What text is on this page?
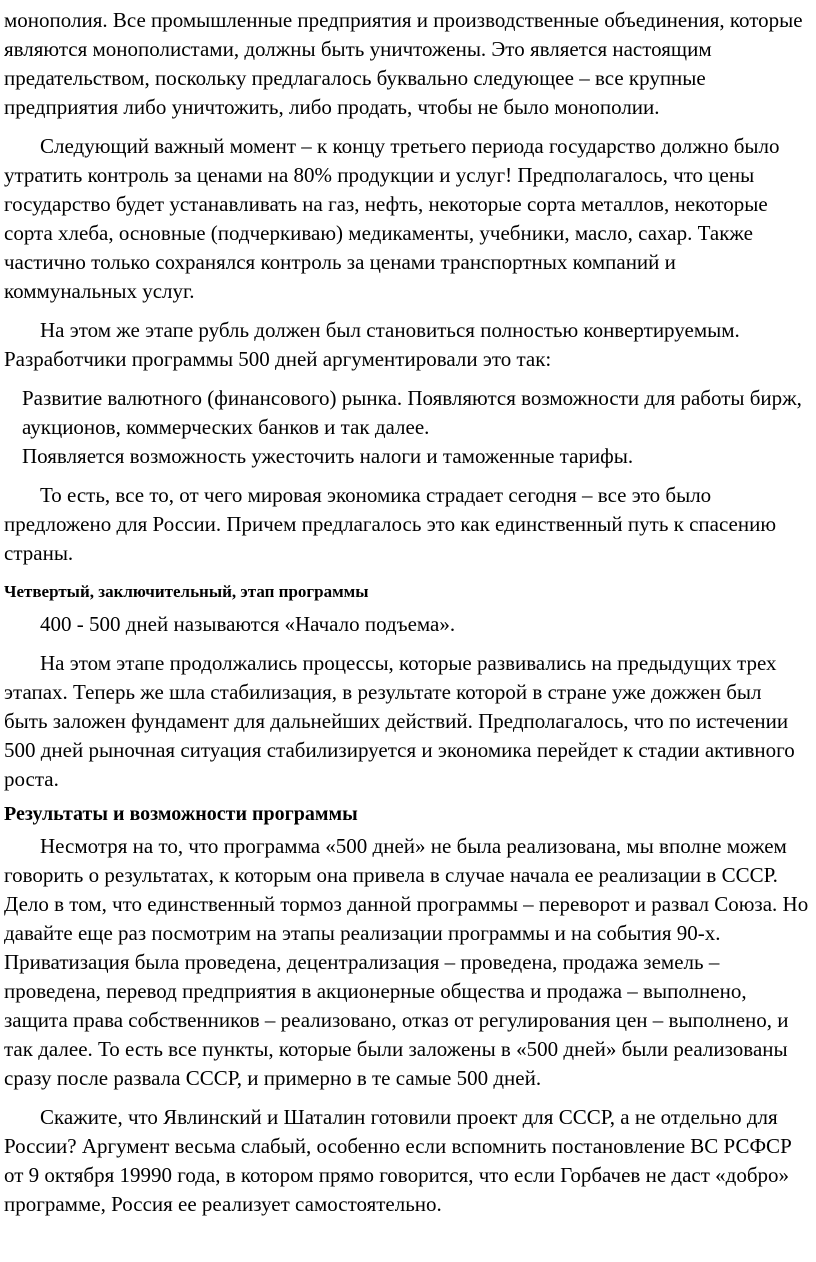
монополия. Все промышленные предприятия и производственные объединения, которые являются монополистами, должны быть уничтожены. Это является настоящим предательством, поскольку предлагалось буквально следующее – все крупные предприятия либо уничтожить, либо продать, чтобы не было монополии.

Следующий важный момент – к концу третьего периода государство должно было утратить контроль за ценами на 80% продукции и услуг! Предполагалось, что цены государство будет устанавливать на газ, нефть, некоторые сорта металлов, некоторые сорта хлеба, основные (подчеркиваю) медикаменты, учебники, масло, сахар. Также частично только сохранялся контроль за ценами транспортных компаний и коммунальных услуг.

На этом же этапе рубль должен был становиться полностью конвертируемым. Разработчики программы 500 дней аргументировали это так:

Развитие валютного (финансового) рынка. Появляются возможности для работы бирж, аукционов, коммерческих банков и так далее.

Появляется возможность ужесточить налоги и таможенные тарифы.

То есть, все то, от чего мировая экономика страдает сегодня – все это было предложено для России. Причем предлагалось это как единственный путь к спасению страны.

Четвертый, заключительный, этап программы

400 - 500 дней называются «Начало подъема».

На этом этапе продолжались процессы, которые развивались на предыдущих трех этапах. Теперь же шла стабилизация, в результате которой в стране уже дожжен был быть заложен фундамент для дальнейших действий. Предполагалось, что по истечении 500 дней рыночная ситуация стабилизируется и экономика перейдет к стадии активного роста.

Результаты и возможности программы

Несмотря на то, что программа «500 дней» не была реализована, мы вполне можем говорить о результатах, к которым она привела в случае начала ее реализации в СССР. Дело в том, что единственный тормоз данной программы – переворот и развал Союза. Но давайте еще раз посмотрим на этапы реализации программы и на события 90-х. Приватизация была проведена, децентрализация – проведена, продажа земель – проведена, перевод предприятия в акционерные общества и продажа – выполнено, защита права собственников – реализовано, отказ от регулирования цен – выполнено, и так далее. То есть все пункты, которые были заложены в «500 дней» были реализованы сразу после развала СССР, и примерно в те самые 500 дней.

Скажите, что Явлинский и Шаталин готовили проект для СССР, а не отдельно для России? Аргумент весьма слабый, особенно если вспомнить постановление ВС РСФСР от 9 октября 19990 года, в котором прямо говорится, что если Горбачев не даст «добро» программе, Россия ее реализует самостоятельно.
